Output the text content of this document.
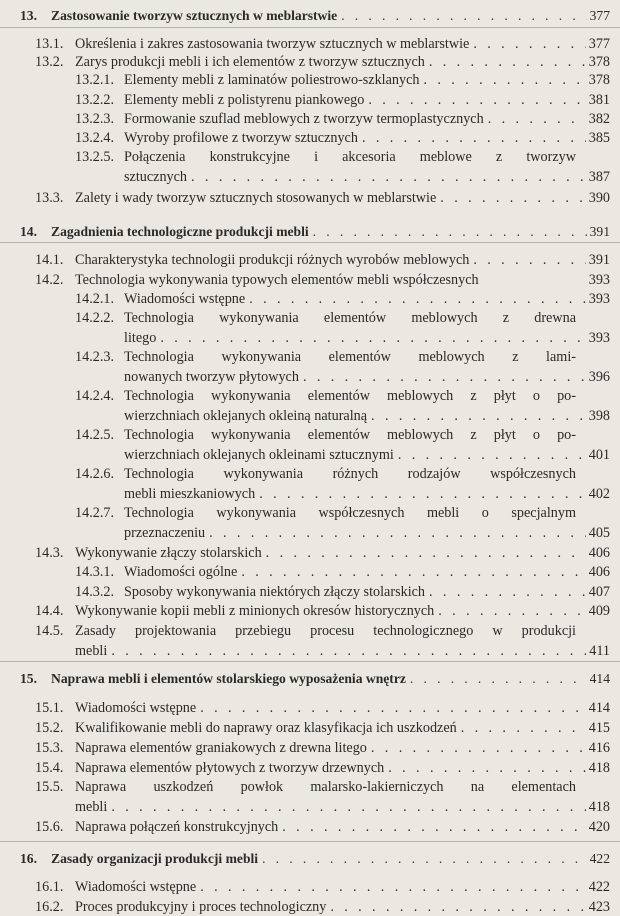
13.	Zastosowanie tworzyw sztucznych w meblarstwie . . .	377
13.1. Określenia i zakres zastosowania tworzyw sztucznych w meblarstwie . . .	377
13.2. Zarys produkcji mebli i ich elementów z tworzyw sztucznych . . .	378
13.2.1. Elementy mebli z laminatów poliestrowo-szklanych . . .	378
13.2.2. Elementy mebli z polistyrenu piankowego . . .	381
13.2.3. Formowanie szuflad meblowych z tworzyw termoplastycznych . . .	382
13.2.4. Wyroby profilowe z tworzyw sztucznych . . .	385
13.2.5. Połączenia konstrukcyjne i akcesoria meblowe z tworzyw
sztucznych . . .	387
13.3. Zalety i wady tworzyw sztucznych stosowanych w meblarstwie . . .	390
14.	Zagadnienia technologiczne produkcji mebli . . .	391
14.1. Charakterystyka technologii produkcji różnych wyrobów meblowych . . .	391
14.2. Technologia wykonywania typowych elementów mebli współczesnych	393
14.2.1. Wiadomości wstępne . . .	393
14.2.2. Technologia wykonywania elementów meblowych z drewna
litego . . .	393
14.2.3. Technologia wykonywania elementów meblowych z lami-
nowanych tworzyw płytowych . . .	396
14.2.4. Technologia wykonywania elementów meblowych z płyt o po-
wierzchniach oklejanych okleiną naturalną . . .	398
14.2.5. Technologia wykonywania elementów meblowych z płyt o po-
wierzchniach oklejanych okleinami sztucznymi . . .	401
14.2.6. Technologia wykonywania różnych rodzajów współczesnych
mebli mieszkaniowych . . .	402
14.2.7. Technologia wykonywania współczesnych mebli o specjalnym
przeznaczeniu . . .	405
14.3. Wykonywanie złączy stolarskich . . .	406
14.3.1. Wiadomości ogólne . . .	406
14.3.2. Sposoby wykonywania niektórych złączy stolarskich . . .	407
14.4. Wykonywanie kopii mebli z minionych okresów historycznych . . .	409
14.5. Zasady projektowania przebiegu procesu technologicznego w produkcji
mebli . . .	411
15.	Naprawa mebli i elementów stolarskiego wyposażenia wnętrz . . .	414
15.1. Wiadomości wstępne . . .	414
15.2. Kwalifikowanie mebli do naprawy oraz klasyfikacja ich uszkodzeń . . .	415
15.3. Naprawa elementów graniakowych z drewna litego . . .	416
15.4. Naprawa elementów płytowych z tworzyw drzewnych . . .	418
15.5. Naprawa uszkodzeń powłok malarsko-lakierniczych na elementach
mebli . . .	418
15.6. Naprawa połączeń konstrukcyjnych . . .	420
16.	Zasady organizacji produkcji mebli . . .	422
16.1. Wiadomości wstępne . . .	422
16.2. Proces produkcyjny i proces technologiczny . . .	423
